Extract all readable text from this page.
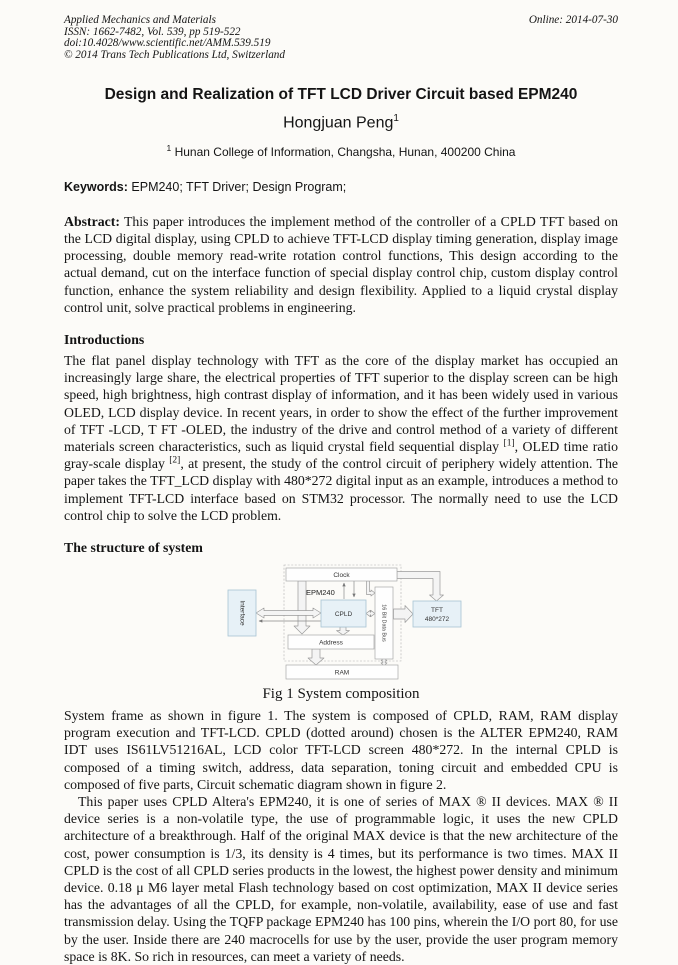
Applied Mechanics and Materials
ISSN: 1662-7482, Vol. 539, pp 519-522
doi:10.4028/www.scientific.net/AMM.539.519
© 2014 Trans Tech Publications Ltd, Switzerland
Online: 2014-07-30
Design and Realization of TFT LCD Driver Circuit based EPM240
Hongjuan Peng$^1$
$^1$ Hunan College of Information, Changsha, Hunan, 400200 China
Keywords: EPM240; TFT Driver; Design Program;

Abstract: This paper introduces the implement method of the controller of a CPLD TFT based on the LCD digital display, using CPLD to achieve TFT-LCD display timing generation, display image processing, double memory read-write rotation control functions, This design according to the actual demand, cut on the interface function of special display control chip, custom display control function, enhance the system reliability and design flexibility. Applied to a liquid crystal display control unit, solve practical problems in engineering.

Introductions

The flat panel display technology with TFT as the core of the display market has occupied an increasingly large share, the electrical properties of TFT superior to the display screen can be high speed, high brightness, high contrast display of information, and it has been widely used in various OLED, LCD display device. In recent years, in order to show the effect of the further improvement of TFT -LCD, T FT -OLED, the industry of the drive and control method of a variety of different materials screen characteristics, such as liquid crystal field sequential display [1], OLED time ratio gray-scale display [2], at present, the study of the control circuit of periphery widely attention. The paper takes the TFT_LCD display with 480*272 digital input as an example, introduces a method to implement TFT-LCD interface based on STM32 processor. The normally need to use the LCD control chip to solve the LCD problem.

The structure of system
Clock
EPM240
Interface	CPLD	16 Bit Data Bus	TFT
480*272
Address
RAM
Fig 1 System composition

System frame as shown in figure 1. The system is composed of CPLD, RAM, RAM display program execution and TFT-LCD. CPLD (dotted around) chosen is the ALTER EPM240, RAM IDT uses IS61LV51216AL, LCD color TFT-LCD screen 480*272. In the internal CPLD is composed of a timing switch, address, data separation, toning circuit and embedded CPU is composed of five parts, Circuit schematic diagram shown in figure 2.

This paper uses CPLD Altera's EPM240, it is one of series of MAX ® II devices. MAX ® II device series is a non-volatile type, the use of programmable logic, it uses the new CPLD architecture of a breakthrough. Half of the original MAX device is that the new architecture of the cost, power consumption is 1/3, its density is 4 times, but its performance is two times. MAX II CPLD is the cost of all CPLD series products in the lowest, the highest power density and minimum device. 0.18 μ M6 layer metal Flash technology based on cost optimization, MAX II device series has the advantages of all the CPLD, for example, non-volatile, availability, ease of use and fast transmission delay. Using the TQFP package EPM240 has 100 pins, wherein the I/O port 80, for use by the user. Inside there are 240 macrocells for use by the user, provide the user program memory space is 8K. So rich in resources, can meet a variety of needs.
